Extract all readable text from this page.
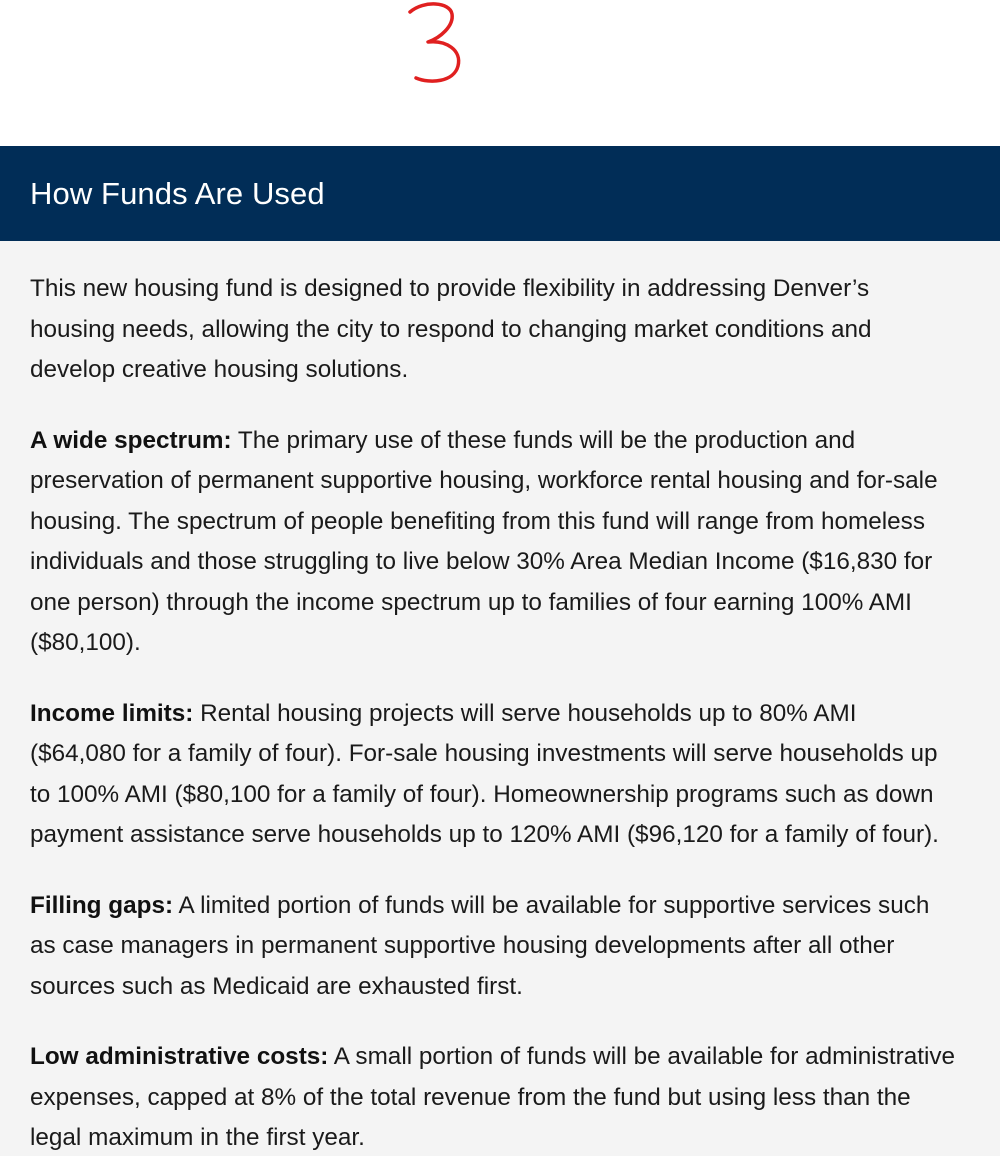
How Funds Are Used

This new housing fund is designed to provide flexibility in addressing Denver’s
housing needs, allowing the city to respond to changing market conditions and
develop creative housing solutions.

A wide spectrum: The primary use of these funds will be the production and
preservation of permanent supportive housing, workforce rental housing and for-sale
housing. The spectrum of people benefiting from this fund will range from homeless
individuals and those struggling to live below 30% Area Median Income ($16,830 for
one person) through the income spectrum up to families of four earning 100% AMI
($80,100).

Income limits: Rental housing projects will serve households up to 80% AMI
($64,080 for a family of four). For-sale housing investments will serve households up
to 100% AMI ($80,100 for a family of four). Homeownership programs such as down
payment assistance serve households up to 120% AMI ($96,120 for a family of four).

Filling gaps: A limited portion of funds will be available for supportive services such
as case managers in permanent supportive housing developments after all other
sources such as Medicaid are exhausted first.

Low administrative costs: A small portion of funds will be available for administrative
expenses, capped at 8% of the total revenue from the fund but using less than the
legal maximum in the first year.
